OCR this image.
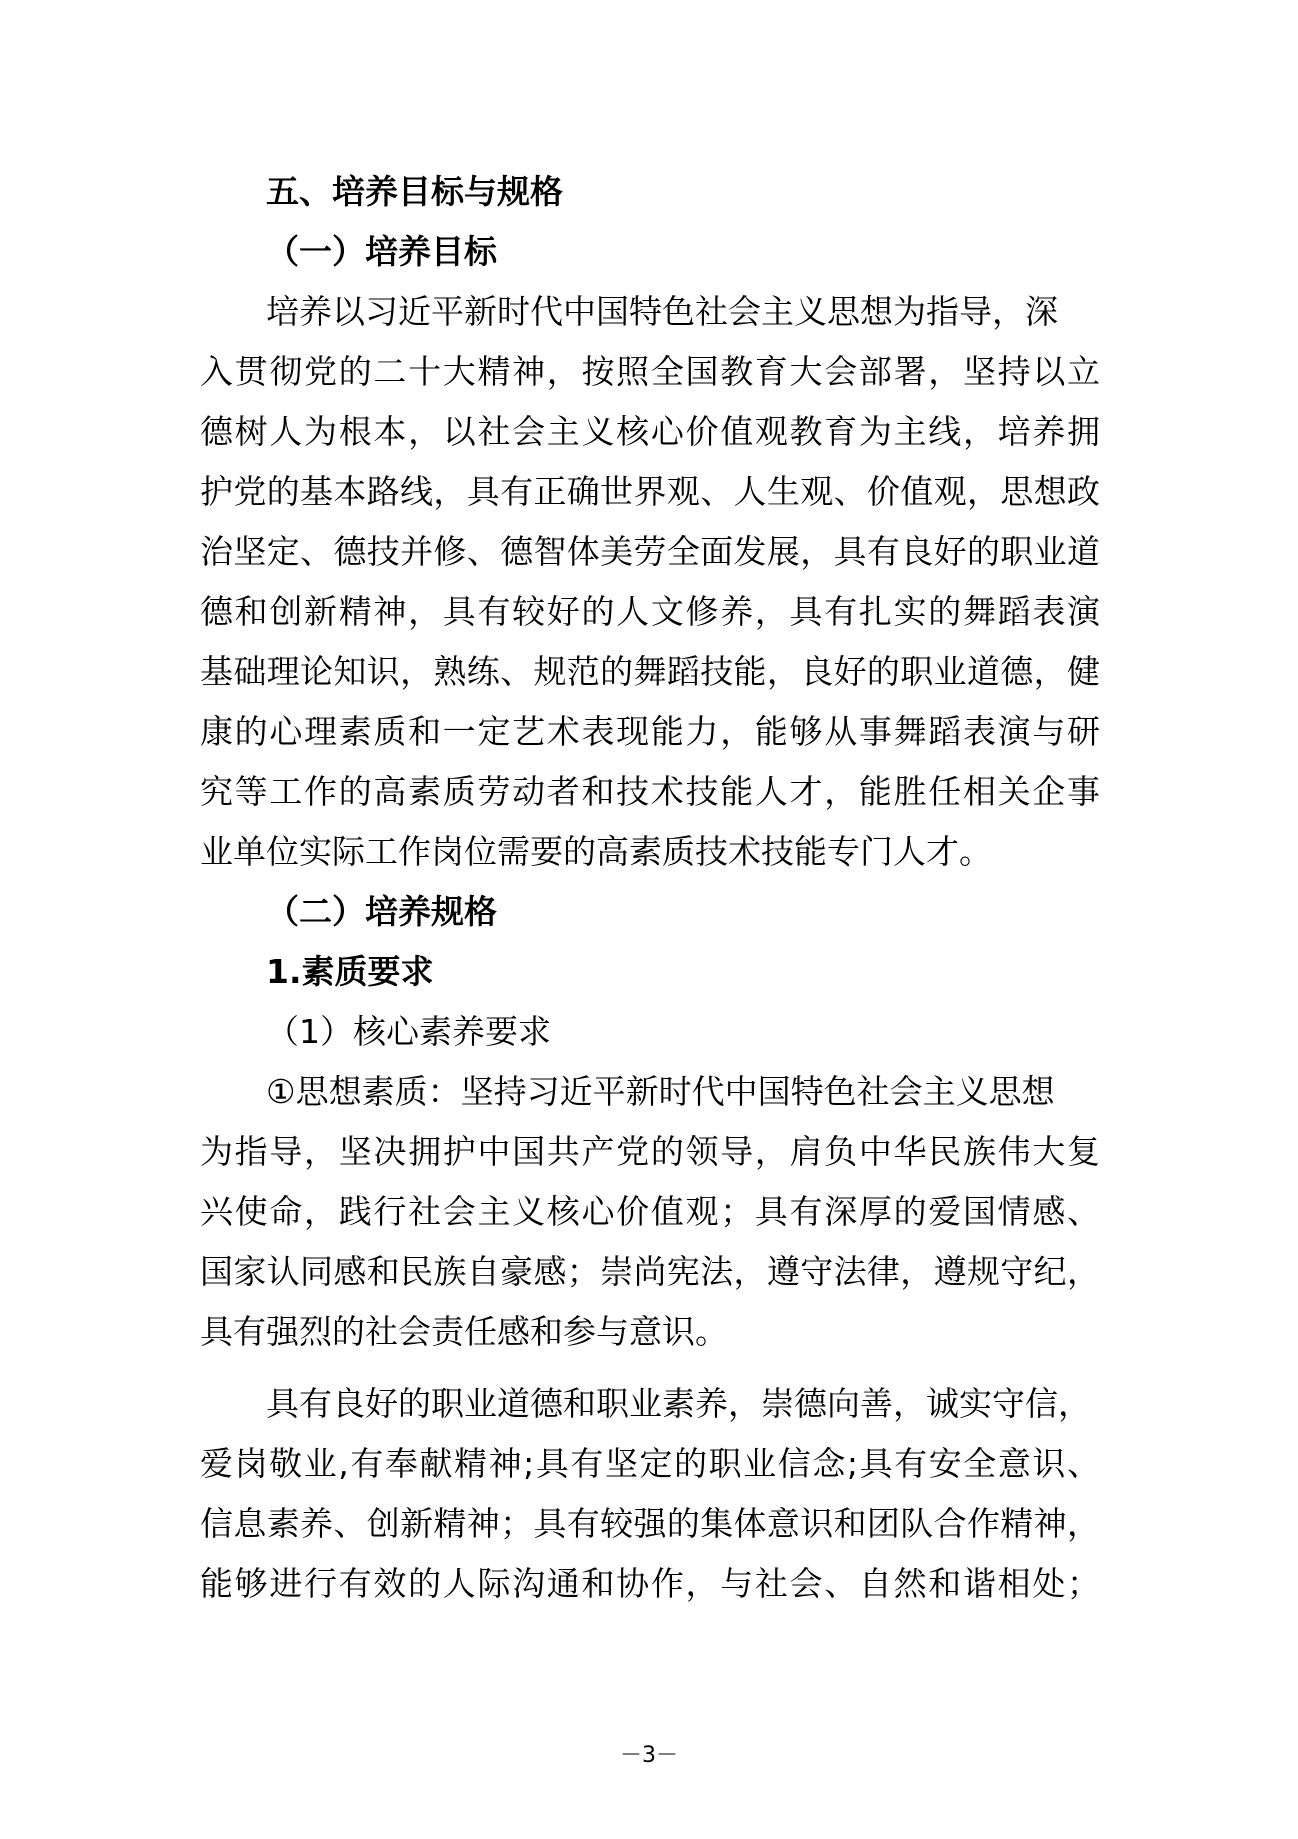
五、培养目标与规格

（一）培养目标

培养以习近平新时代中国特色社会主义思想为指导，深

入贯彻党的二十大精神，按照全国教育大会部署，坚持以立

德树人为根本，以社会主义核心价值观教育为主线，培养拥

护党的基本路线，具有正确世界观、人生观、价值观，思想政

治坚定、德技并修、德智体美劳全面发展，具有良好的职业道

德和创新精神，具有较好的人文修养，具有扎实的舞蹈表演

基础理论知识，熟练、规范的舞蹈技能，良好的职业道德，健

康的心理素质和一定艺术表现能力，能够从事舞蹈表演与研

究等工作的高素质劳动者和技术技能人才，能胜任相关企事

业单位实际工作岗位需要的高素质技术技能专门人才。

（二）培养规格

1.素质要求

（1）核心素养要求

①思想素质：坚持习近平新时代中国特色社会主义思想

为指导，坚决拥护中国共产党的领导，肩负中华民族伟大复

兴使命，践行社会主义核心价值观；具有深厚的爱国情感、

国家认同感和民族自豪感；崇尚宪法，遵守法律，遵规守纪，

具有强烈的社会责任感和参与意识。

具有良好的职业道德和职业素养，崇德向善，诚实守信，

爱岗敬业,有奉献精神;具有坚定的职业信念;具有安全意识、

信息素养、创新精神；具有较强的集体意识和团队合作精神，

能够进行有效的人际沟通和协作，与社会、自然和谐相处；

－3－
